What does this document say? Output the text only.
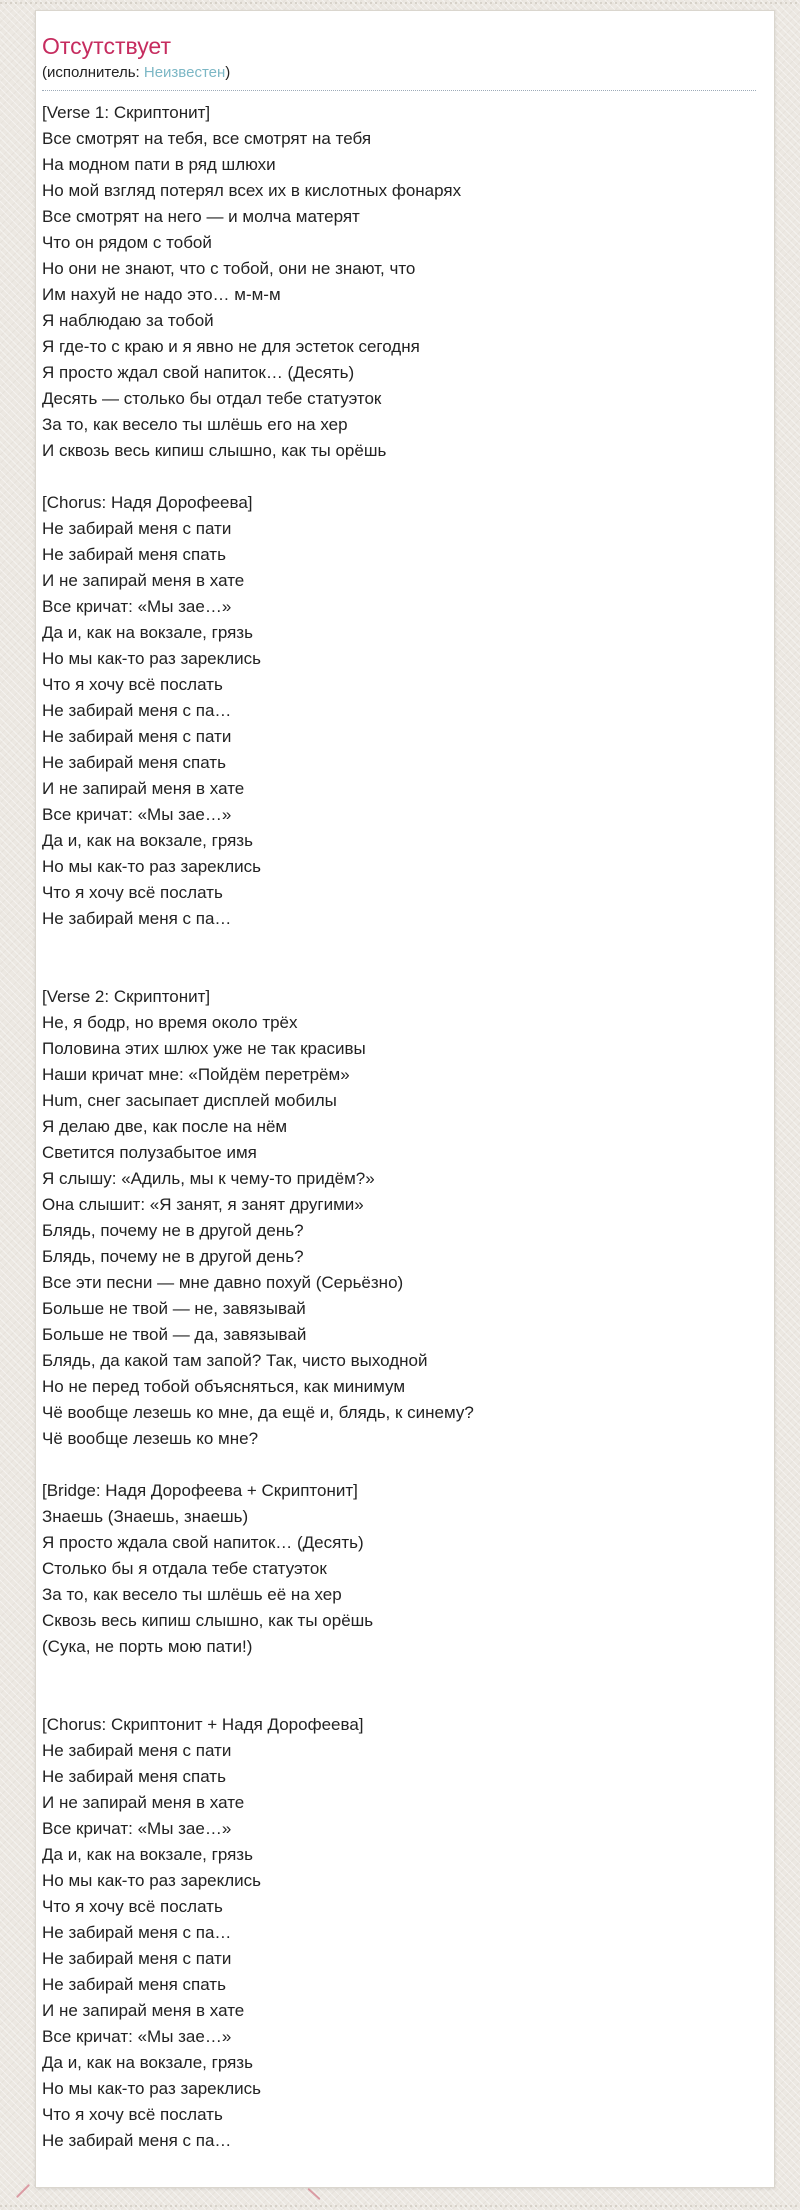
Отсутствует
(исполнитель: Неизвестен)
[Verse 1: Скриптонит]
Все смотрят на тебя, все смотрят на тебя
На модном пати в ряд шлюхи
Но мой взгляд потерял всех их в кислотных фонарях
Все смотрят на него — и молча матерят
Что он рядом с тобой
Но они не знают, что с тобой, они не знают, что
Им нахуй не надо это… м-м-м
Я наблюдаю за тобой
Я где-то с краю и я явно не для эстеток сегодня
Я просто ждал свой напиток… (Десять)
Десять — столько бы отдал тебе статуэток
За то, как весело ты шлёшь его на хер
И сквозь весь кипиш слышно, как ты орёшь

[Chorus: Надя Дорофеева]
Не забирай меня с пати
Не забирай меня спать
И не запирай меня в хате
Все кричат: «Мы зае…»
Да и, как на вокзале, грязь
Но мы как-то раз зареклись
Что я хочу всё послать
Не забирай меня с па…
Не забирай меня с пати
Не забирай меня спать
И не запирай меня в хате
Все кричат: «Мы зае…»
Да и, как на вокзале, грязь
Но мы как-то раз зареклись
Что я хочу всё послать
Не забирай меня с па…

[Verse 2: Скриптонит]
Не, я бодр, но время около трёх
Половина этих шлюх уже не так красивы
Наши кричат мне: «Пойдём перетрём»
Hum, снег засыпает дисплей мобилы
Я делаю две, как после на нём
Светится полузабытое имя
Я слышу: «Адиль, мы к чему-то придём?»
Она слышит: «Я занят, я занят другими»
Блядь, почему не в другой день?
Блядь, почему не в другой день?
Все эти песни — мне давно похуй (Серьёзно)
Больше не твой — не, завязывай
Больше не твой — да, завязывай
Блядь, да какой там запой? Так, чисто выходной
Но не перед тобой объясняться, как минимум
Чё вообще лезешь ко мне, да ещё и, блядь, к синему?
Чё вообще лезешь ко мне?

[Bridge: Надя Дорофеева + Скриптонит]
Знаешь (Знаешь, знаешь)
Я просто ждала свой напиток… (Десять)
Столько бы я отдала тебе статуэток
За то, как весело ты шлёшь её на хер
Сквозь весь кипиш слышно, как ты орёшь
(Сука, не порть мою пати!)

[Chorus: Скриптонит + Надя Дорофеева]
Не забирай меня с пати
Не забирай меня спать
И не запирай меня в хате
Все кричат: «Мы зае…»
Да и, как на вокзале, грязь
Но мы как-то раз зареклись
Что я хочу всё послать
Не забирай меня с па…
Не забирай меня с пати
Не забирай меня спать
И не запирай меня в хате
Все кричат: «Мы зае…»
Да и, как на вокзале, грязь
Но мы как-то раз зареклись
Что я хочу всё послать
Не забирай меня с па…
